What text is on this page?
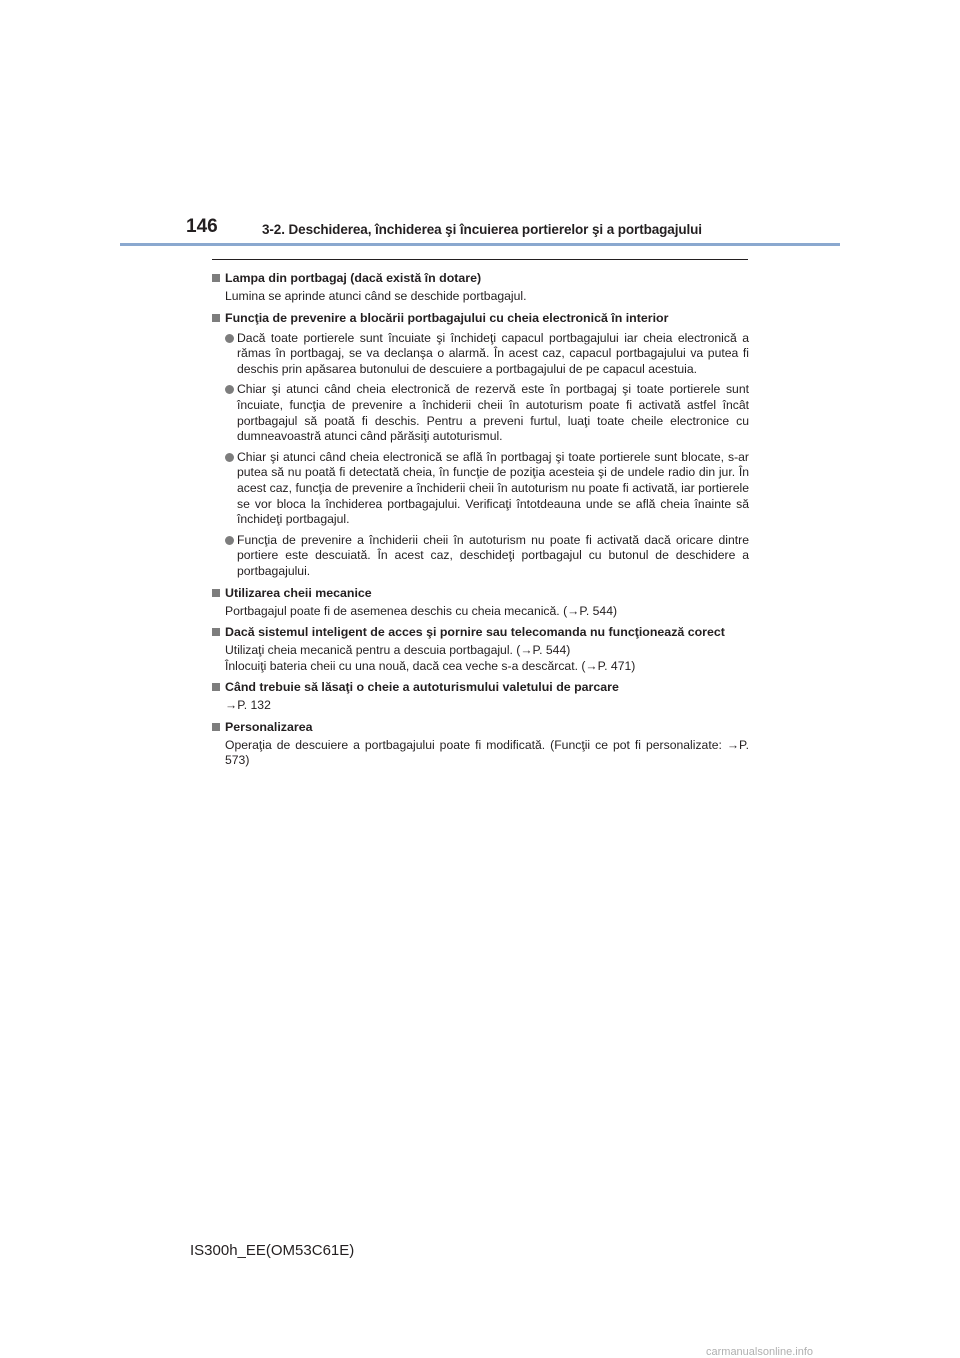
146	3-2. Deschiderea, închiderea şi încuierea portierelor şi a portbagajului
Lampa din portbagaj (dacă există în dotare)
Lumina se aprinde atunci când se deschide portbagajul.
Funcţia de prevenire a blocării portbagajului cu cheia electronică în interior
Dacă toate portierele sunt încuiate şi închideţi capacul portbagajului iar cheia electronică a rămas în portbagaj, se va declanşa o alarmă. În acest caz, capacul portbagajului va putea fi deschis prin apăsarea butonului de descuiere a portbagajului de pe capacul acestuia.
Chiar şi atunci când cheia electronică de rezervă este în portbagaj şi toate portierele sunt încuiate, funcţia de prevenire a închiderii cheii în autoturism poate fi activată astfel încât portbagajul să poată fi deschis. Pentru a preveni furtul, luaţi toate cheile electronice cu dumneavoastră atunci când părăsiţi autoturismul.
Chiar şi atunci când cheia electronică se află în portbagaj şi toate portierele sunt blocate, s-ar putea să nu poată fi detectată cheia, în funcţie de poziţia acesteia şi de undele radio din jur. În acest caz, funcţia de prevenire a închiderii cheii în autoturism nu poate fi activată, iar portierele se vor bloca la închiderea portbagajului. Verificaţi întotdeauna unde se află cheia înainte să închideţi portbagajul.
Funcţia de prevenire a închiderii cheii în autoturism nu poate fi activată dacă oricare dintre portiere este descuiată. În acest caz, deschideţi portbagajul cu butonul de deschidere a portbagajului.
Utilizarea cheii mecanice
Portbagajul poate fi de asemenea deschis cu cheia mecanică. (→P. 544)
Dacă sistemul inteligent de acces şi pornire sau telecomanda nu funcţionează corect
Utilizaţi cheia mecanică pentru a descuia portbagajul. (→P. 544)
Înlocuiţi bateria cheii cu una nouă, dacă cea veche s-a descărcat. (→P. 471)
Când trebuie să lăsaţi o cheie a autoturismului valetului de parcare
→P. 132
Personalizarea
Operaţia de descuiere a portbagajului poate fi modificată. (Funcţii ce pot fi personalizate: →P. 573)
IS300h_EE(OM53C61E)
carmanualsonline.info
